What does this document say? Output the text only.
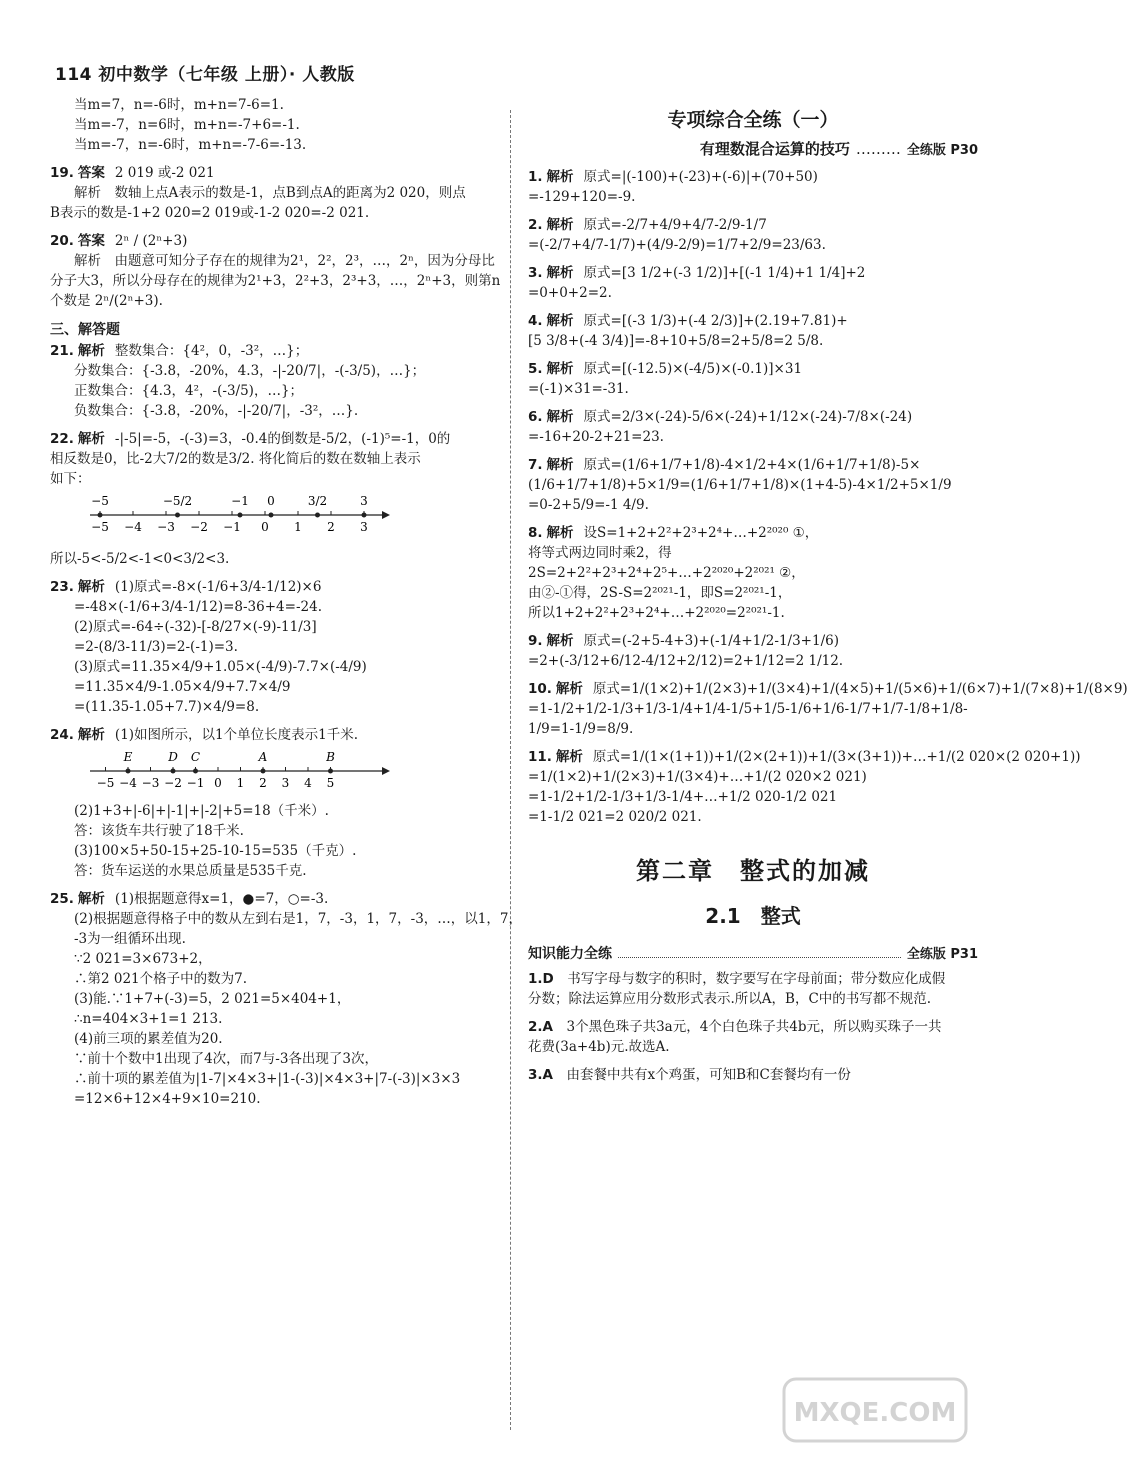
114 初中数学（七年级 上册）· 人教版
当m=7，n=-6时，m+n=7-6=1.
当m=-7，n=6时，m+n=-7+6=-1.
当m=-7，n=-6时，m+n=-7-6=-13.
19. 答案 2 019 或-2 021
解析　数轴上点A表示的数是-1，点B到点A的距离为2 020，则点
B表示的数是-1+2 020=2 019或-1-2 020=-2 021.
20. 答案 2ⁿ / (2ⁿ+3)
解析　由题意可知分子存在的规律为2¹，2²，2³，…，2ⁿ，因为分母比
分子大3，所以分母存在的规律为2¹+3，2²+3，2³+3，…，2ⁿ+3，则第n
个数是 2ⁿ/(2ⁿ+3).
三、解答题
21. 解析 整数集合：{4²，0，-3²，…}；
分数集合：{-3.8，-20%，4.3，-|-20/7|，-(-3/5)，…}；
正数集合：{4.3，4²，-(-3/5)，…}；
负数集合：{-3.8，-20%，-|-20/7|，-3²，…}.
22. 解析 -|-5|=-5，-(-3)=3，-0.4的倒数是-5/2，(-1)⁵=-1，0的
相反数是0，比-2大7/2的数是3/2. 将化简后的数在数轴上表示
如下：
−5 −4 −3 −2 −1 0 1 2 3
−5	−5/2	−1 0	3/2	3
所以-5<-5/2<-1<0<3/2<3.
23. 解析 (1)原式=-8×(-1/6+3/4-1/12)×6
=-48×(-1/6+3/4-1/12)=8-36+4=-24.
(2)原式=-64÷(-32)-[-8/27×(-9)-11/3]
=2-(8/3-11/3)=2-(-1)=3.
(3)原式=11.35×4/9+1.05×(-4/9)-7.7×(-4/9)
=11.35×4/9-1.05×4/9+7.7×4/9
=(11.35-1.05+7.7)×4/9=8.
24. 解析 (1)如图所示，以1个单位长度表示1千米.
−5 −4 −3 −2 −1 0 1 2 3 4 5
E	D C	A	B
(2)1+3+|-6|+|-1|+|-2|+5=18（千米）.
答：该货车共行驶了18千米.
(3)100×5+50-15+25-10-15=535（千克）.
答：货车运送的水果总质量是535千克.
25. 解析 (1)根据题意得x=1，●=7，○=-3.
(2)根据题意得格子中的数从左到右是1，7，-3，1，7，-3，…，以1，7，
-3为一组循环出现.
∵2 021=3×673+2，
∴第2 021个格子中的数为7.
(3)能.∵1+7+(-3)=5，2 021=5×404+1，
∴n=404×3+1=1 213.
(4)前三项的累差值为20.
∵前十个数中1出现了4次，而7与-3各出现了3次，
∴前十项的累差值为|1-7|×4×3+|1-(-3)|×4×3+|7-(-3)|×3×3
=12×6+12×4+9×10=210.
专项综合全练（一）
有理数混合运算的技巧 ……… 全练版 P30
1. 解析 原式=|(-100)+(-23)+(-6)|+(70+50)
=-129+120=-9.
2. 解析 原式=-2/7+4/9+4/7-2/9-1/7
=(-2/7+4/7-1/7)+(4/9-2/9)=1/7+2/9=23/63.
3. 解析 原式=[3 1/2+(-3 1/2)]+[(-1 1/4)+1 1/4]+2
=0+0+2=2.
4. 解析 原式=[(-3 1/3)+(-4 2/3)]+(2.19+7.81)+
[5 3/8+(-4 3/4)]=-8+10+5/8=2+5/8=2 5/8.
5. 解析 原式=[(-12.5)×(-4/5)×(-0.1)]×31
=(-1)×31=-31.
6. 解析 原式=2/3×(-24)-5/6×(-24)+1/12×(-24)-7/8×(-24)
=-16+20-2+21=23.
7. 解析 原式=(1/6+1/7+1/8)-4×1/2+4×(1/6+1/7+1/8)-5×
(1/6+1/7+1/8)+5×1/9=(1/6+1/7+1/8)×(1+4-5)-4×1/2+5×1/9
=0-2+5/9=-1 4/9.
8. 解析 设S=1+2+2²+2³+2⁴+…+2²⁰²⁰ ①，
将等式两边同时乘2，得
2S=2+2²+2³+2⁴+2⁵+…+2²⁰²⁰+2²⁰²¹ ②，
由②-①得，2S-S=2²⁰²¹-1，即S=2²⁰²¹-1，
所以1+2+2²+2³+2⁴+…+2²⁰²⁰=2²⁰²¹-1.
9. 解析 原式=(-2+5-4+3)+(-1/4+1/2-1/3+1/6)
=2+(-3/12+6/12-4/12+2/12)=2+1/12=2 1/12.
10. 解析 原式=1/(1×2)+1/(2×3)+1/(3×4)+1/(4×5)+1/(5×6)+1/(6×7)+1/(7×8)+1/(8×9)
=1-1/2+1/2-1/3+1/3-1/4+1/4-1/5+1/5-1/6+1/6-1/7+1/7-1/8+1/8-
1/9=1-1/9=8/9.
11. 解析 原式=1/(1×(1+1))+1/(2×(2+1))+1/(3×(3+1))+…+1/(2 020×(2 020+1))
=1/(1×2)+1/(2×3)+1/(3×4)+…+1/(2 020×2 021)
=1-1/2+1/2-1/3+1/3-1/4+…+1/2 020-1/2 021
=1-1/2 021=2 020/2 021.
第二章　整式的加减
2.1　整式
知识能力全练	全练版 P31
1.D　 书写字母与数字的积时，数字要写在字母前面；带分数应化成假
分数；除法运算应用分数形式表示.所以A，B，C中的书写都不规范.
2.A　 3个黑色珠子共3a元，4个白色珠子共4b元，所以购买珠子一共
花费(3a+4b)元.故选A.
3.A　 由套餐中共有x个鸡蛋，可知B和C套餐均有一份
MXQE.COM
